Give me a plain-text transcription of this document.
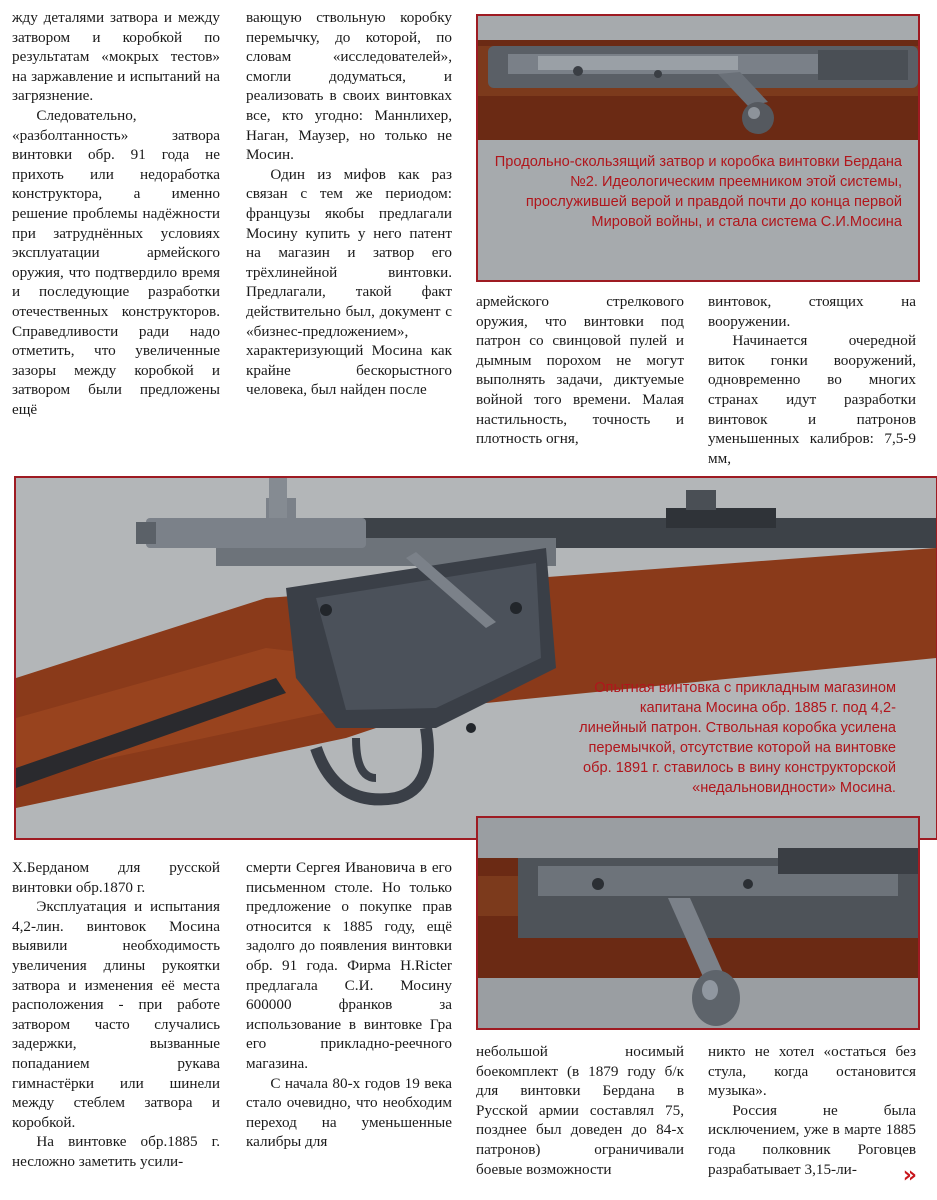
жду деталями затвора и между затвором и коробкой по результатам «мокрых тестов» на заржавление и испытаний на загрязнение.

Следовательно, «разболтанность» затвора винтовки обр. 91 года не прихоть или недоработка конструктора, а именно решение проблемы надёжности при затруднённых условиях эксплуатации армейского оружия, что подтвердило время и последующие разработки отечественных конструкторов. Справедливости ради надо отметить, что увеличенные зазоры между коробкой и затвором были предложены ещё

вающую ствольную коробку перемычку, до которой, по словам «исследователей», смогли додуматься, и реализовать в своих винтовках все, кто угодно: Маннлихер, Наган, Маузер, но только не Мосин.

Один из мифов как раз связан с тем же периодом: французы якобы предлагали Мосину купить у него патент на магазин и затвор его трёхлинейной винтовки. Предлагали, такой факт действительно был, документ с «бизнес-предложением», характеризующий Мосина как крайне бескорыстного человека, был найден после

армейского стрелкового оружия, что винтовки под патрон со свинцовой пулей и дымным порохом не могут выполнять задачи, диктуемые войной того времени. Малая настильность, точность и плотность огня,

винтовок, стоящих на вооружении.

Начинается очередной виток гонки вооружений, одновременно во многих странах идут разработки винтовок и патронов уменьшенных калибров: 7,5-9 мм,

Продольно-скользящий затвор и коробка винтовки Бердана №2. Идеологическим преемником этой системы, прослужившей верой и правдой почти до конца первой Мировой войны, и стала система С.И.Мосина

Опытная винтовка с прикладным магазином капитана Мосина обр. 1885 г. под 4,2-линейный патрон. Ствольная коробка усилена перемычкой, отсутствие которой на винтовке обр. 1891 г. ставилось в вину конструкторской «недальновидности» Мосина.

Х.Берданом для русской винтовки обр.1870 г.

Эксплуатация и испытания 4,2-лин. винтовок Мосина выявили необходимость увеличения длины рукоятки затвора и изменения её места расположения - при работе затвором часто случались задержки, вызванные попаданием рукава гимнастёрки или шинели между стеблем затвора и коробкой.

На винтовке обр.1885 г. несложно заметить усили-

смерти Сергея Ивановича в его письменном столе. Но только предложение о покупке прав относится к 1885 году, ещё задолго до появления винтовки обр. 91 года. Фирма H.Ricter предлагала С.И. Мосину 600000 франков за использование в винтовке Гра его прикладно-реечного магазина.

С начала 80-х годов 19 века стало очевидно, что необходим переход на уменьшенные калибры для

небольшой носимый боекомплект (в 1879 году б/к для винтовки Бердана в Русской армии составлял 75, позднее был доведен до 84-х патронов) ограничивали боевые возможности

никто не хотел «остаться без стула, когда остановится музыка».

Россия не была исключением, уже в марте 1885 года полковник Роговцев разрабатывает 3,15-ли-	»
